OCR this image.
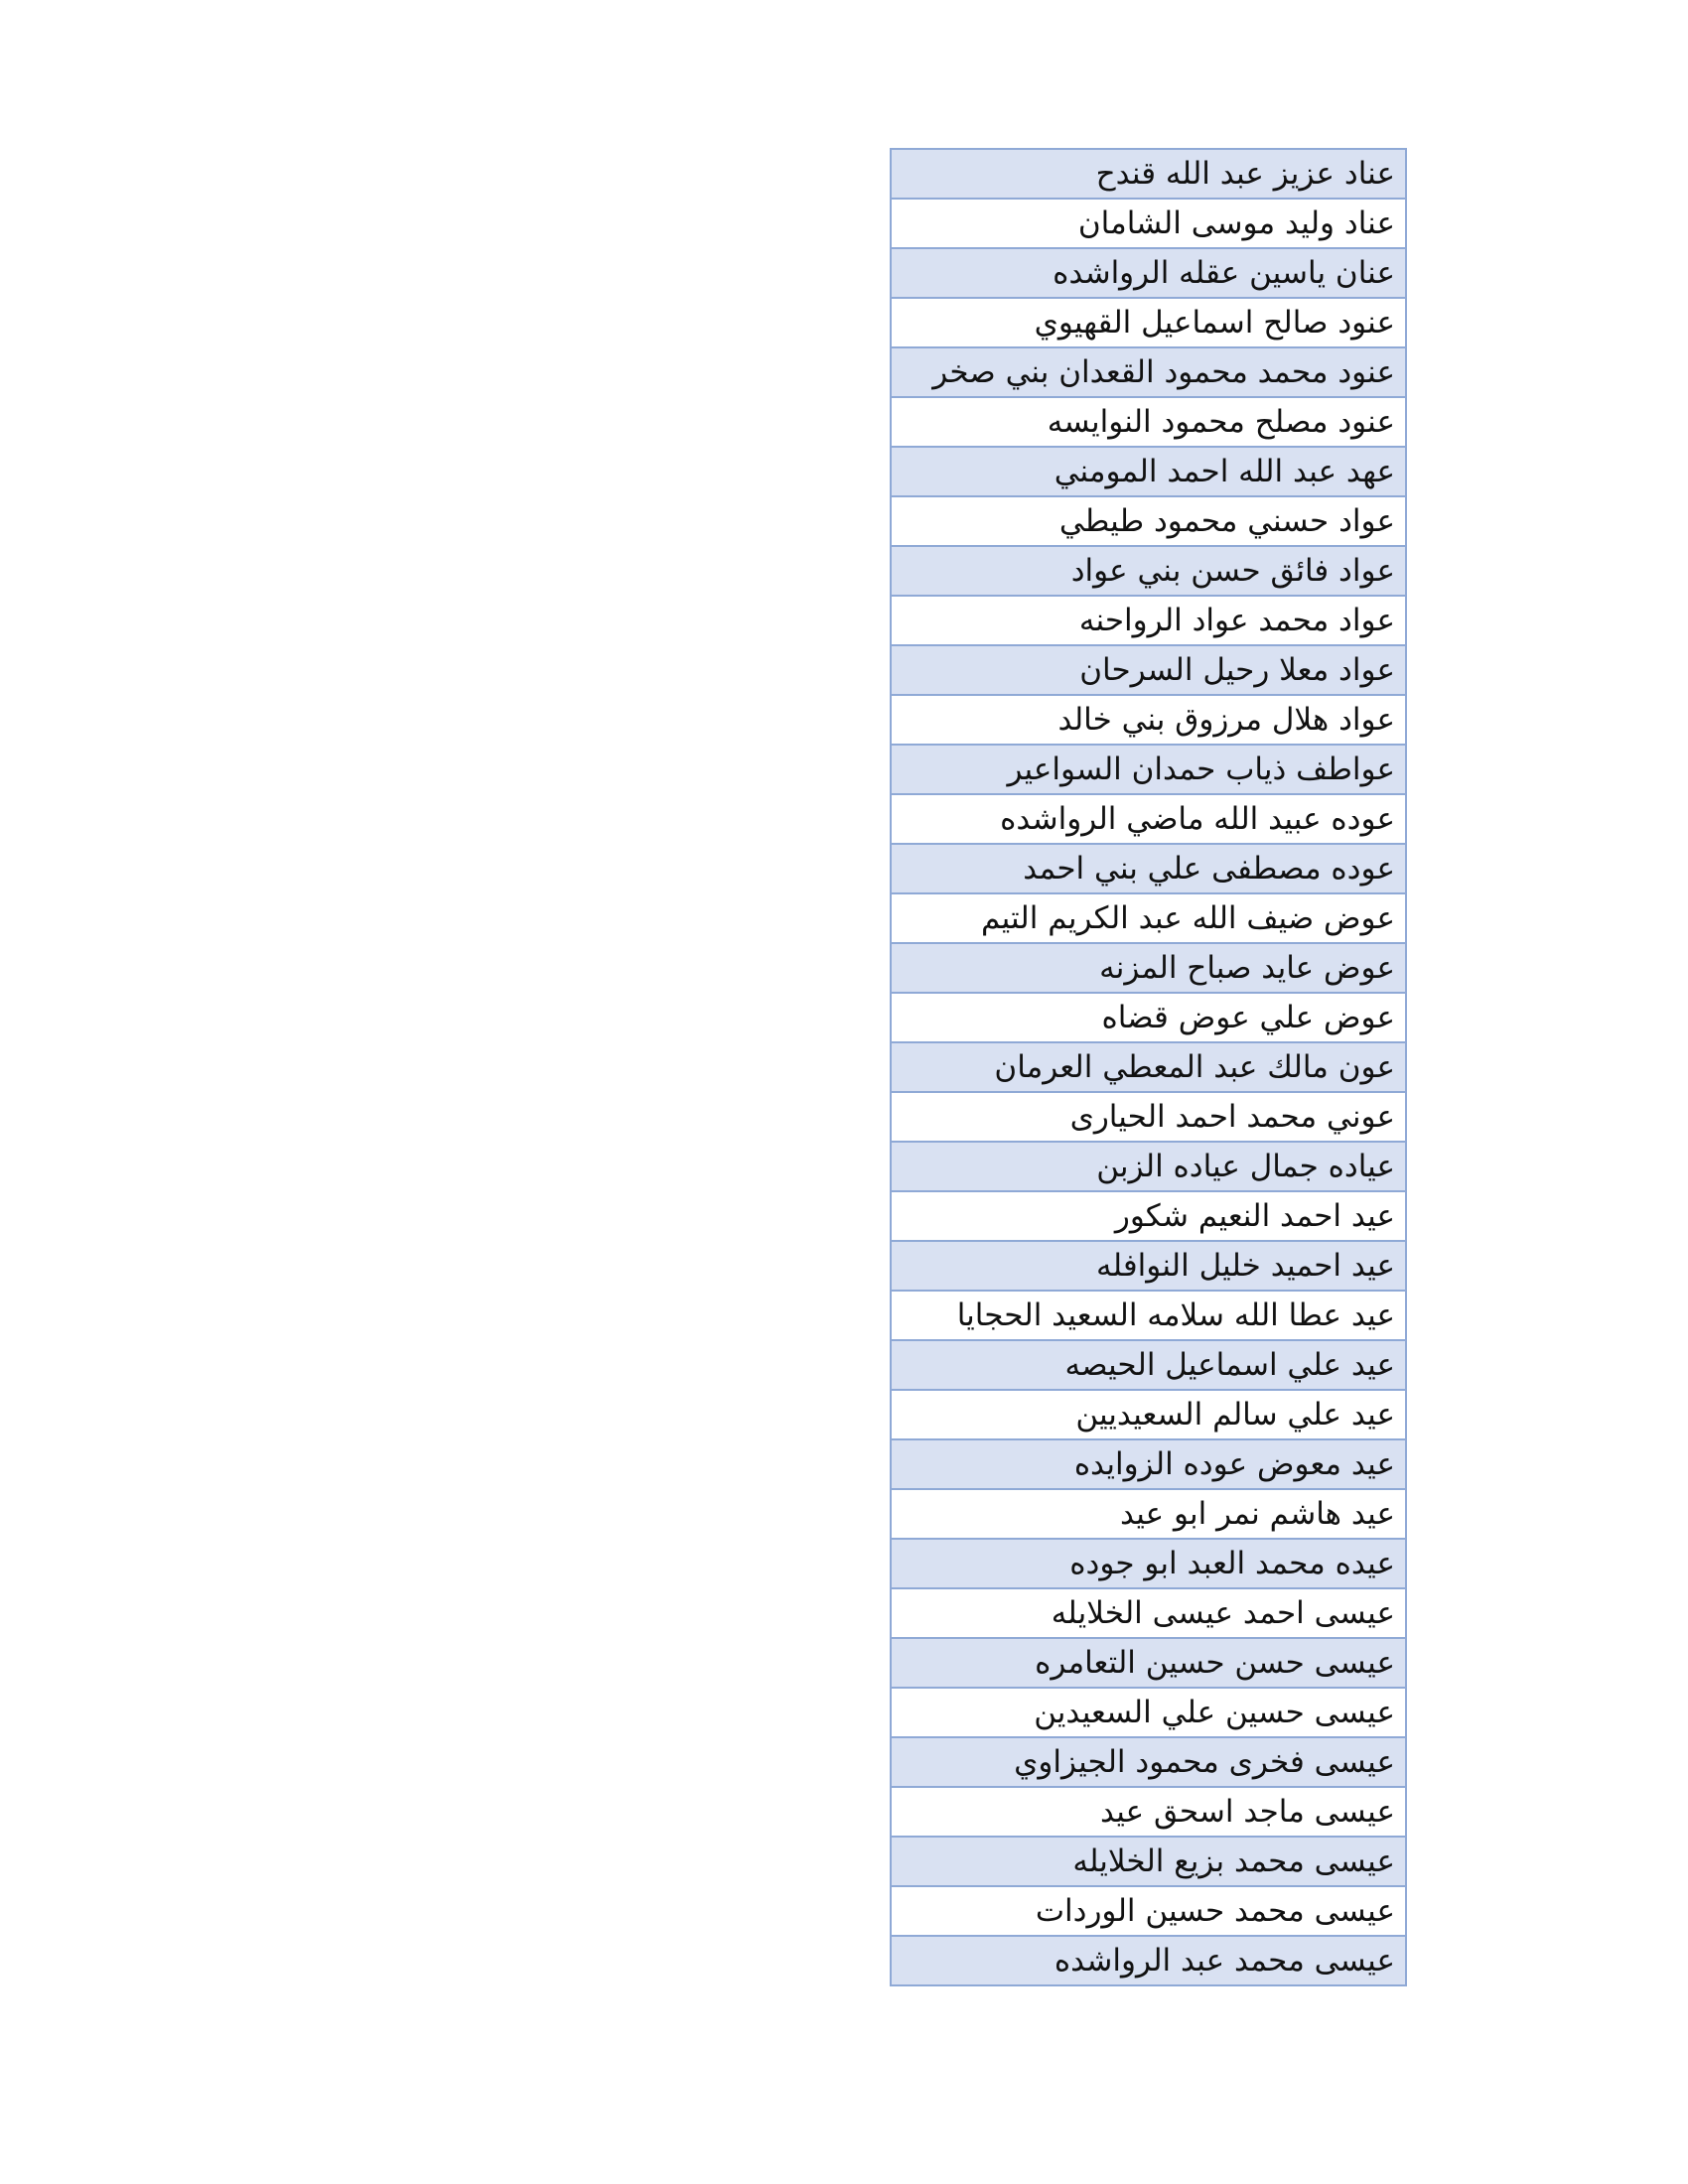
عناد عزيز عبد الله قندح
عناد وليد موسى الشامان
عنان ياسين عقله الرواشده
عنود صالح اسماعيل القهيوي
عنود محمد محمود القعدان بني صخر
عنود مصلح محمود النوايسه
عهد عبد الله احمد المومني
عواد حسني محمود طيطي
عواد فائق حسن بني عواد
عواد محمد عواد الرواحنه
عواد معلا رحيل السرحان
عواد هلال مرزوق بني خالد
عواطف ذياب حمدان السواعير
عوده عبيد الله ماضي الرواشده
عوده مصطفى علي بني احمد
عوض ضيف الله عبد الكريم التيم
عوض عايد صباح المزنه
عوض علي عوض قضاه
عون مالك عبد المعطي العرمان
عوني محمد احمد الحيارى
عياده جمال عياده الزبن
عيد احمد النعيم شكور
عيد احميد خليل النوافله
عيد عطا الله سلامه السعيد الحجايا
عيد علي اسماعيل الحيصه
عيد علي سالم السعيديين
عيد معوض عوده الزوايده
عيد هاشم نمر ابو عيد
عيده محمد العبد ابو جوده
عيسى احمد عيسى الخلايله
عيسى حسن حسين التعامره
عيسى حسين علي السعيدين
عيسى فخرى محمود الجيزاوي
عيسى ماجد اسحق عيد
عيسى محمد بزيع الخلايله
عيسى محمد حسين الوردات
عيسى محمد عبد الرواشده
